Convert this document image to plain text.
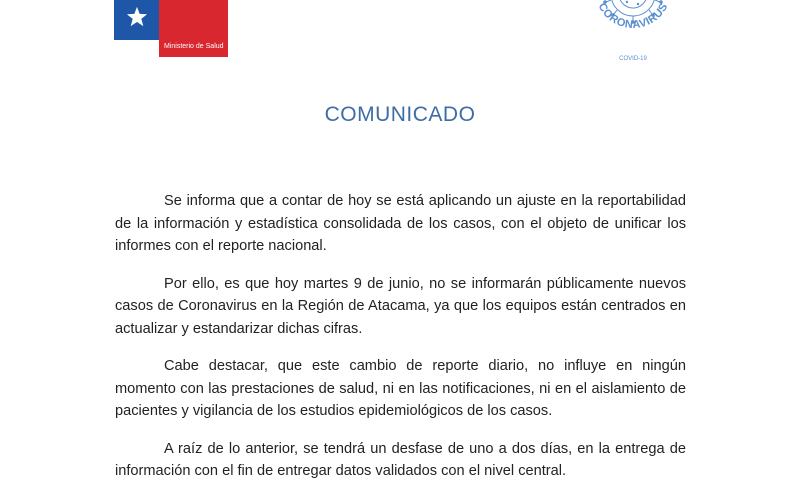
Ministerio de Salud
CORONAVIRUS
COVID-19
COMUNICADO

Se informa que a contar de hoy se está aplicando un ajuste en la reportabilidad de la información y estadística consolidada de los casos, con el objeto de unificar los informes con el reporte nacional.

Por ello, es que hoy martes 9 de junio, no se informarán públicamente nuevos casos de Coronavirus en la Región de Atacama, ya que los equipos están centrados en actualizar y estandarizar dichas cifras.

Cabe destacar, que este cambio de reporte diario, no influye en ningún momento con las prestaciones de salud, ni en las notificaciones, ni en el aislamiento de pacientes y vigilancia de los estudios epidemiológicos de los casos.

A raíz de lo anterior, se tendrá un desfase de uno a dos días, en la entrega de información con el fin de entregar datos validados con el nivel central.
